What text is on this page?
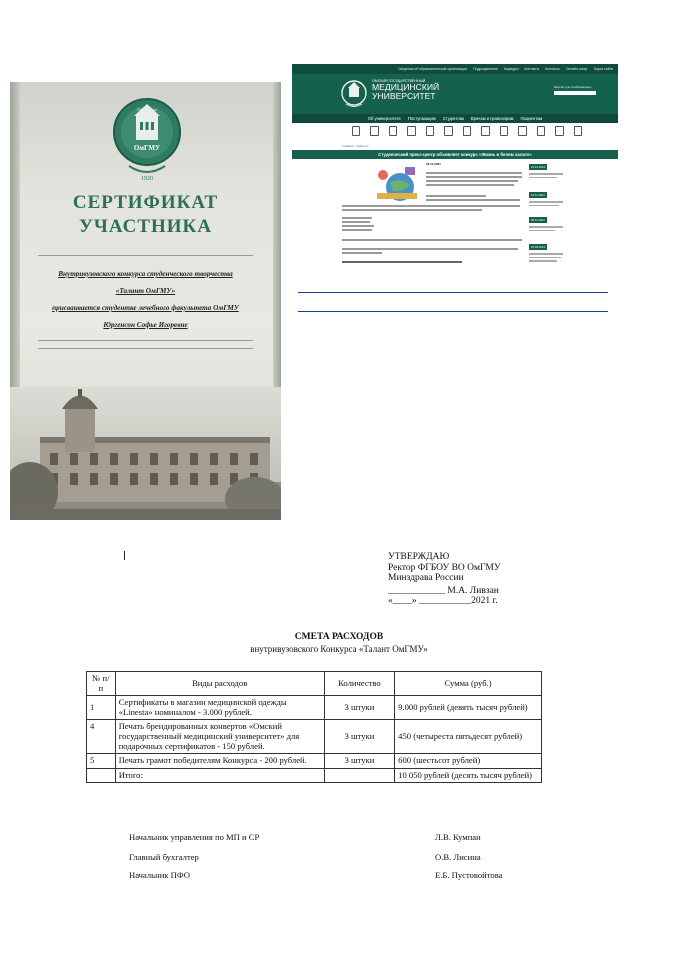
1920
Омск Россия
ОмГМУ
СЕРТИФИКАТ
УЧАСТНИКА
Внутривузовского конкурса студенческого творчества
«Талант ОмГМУ»
присваивается студентке лечебного факультета ОмГМУ
Юргенсон Софье Игоревне
Сведения об образовательной организации Подразделения Кафедры Контакты Контакты Онлайн-конф. Карта сайта
ОМСКИЙ ГОСУДАРСТВЕННЫЙ
МЕДИЦИНСКИЙ
УНИВЕРСИТЕТ
Версия для слабовидящих
Об университете Поступающим Студентам Врачам и провизорам Пациентам
Главная > Новости
Студенческий пресс-центр объявляет конкурс «Жизнь в белом халате»
16.11.2021
21.12.2021
16.11.2021
09.11.2021
15.06.2021
УТВЕРЖДАЮ
Ректор ФГБОУ ВО ОмГМУ
Минздрава России
____________ М.А. Ливзан
«____» ___________2021 г.
СМЕТА РАСХОДОВ
внутривузовского Конкурса «Талант ОмГМУ»
№ п/п	Виды расходов	Количество	Сумма (руб.)
1	Сертификаты в магазин медицинской одежды «Linesta» номиналом - 3.000 рублей.	3 штуки	9.000 рублей (девять тысяч рублей)
4	Печать брендированных конвертов «Омский государственный медицинский университет» для подарочных сертификатов - 150 рублей.	3 штуки	450 (четыреста пятьдесят рублей)
5	Печать грамот победителям Конкурса - 200 рублей.	3 штуки	600 (шестьсот рублей)
	Итого:		10 050 рублей (десять тысяч рублей)
Начальник управления по МП и СР	Л.В. Кумпан
Главный бухгалтер	О.В. Лисина
Начальник ПФО	Е.Б. Пустовойтова
